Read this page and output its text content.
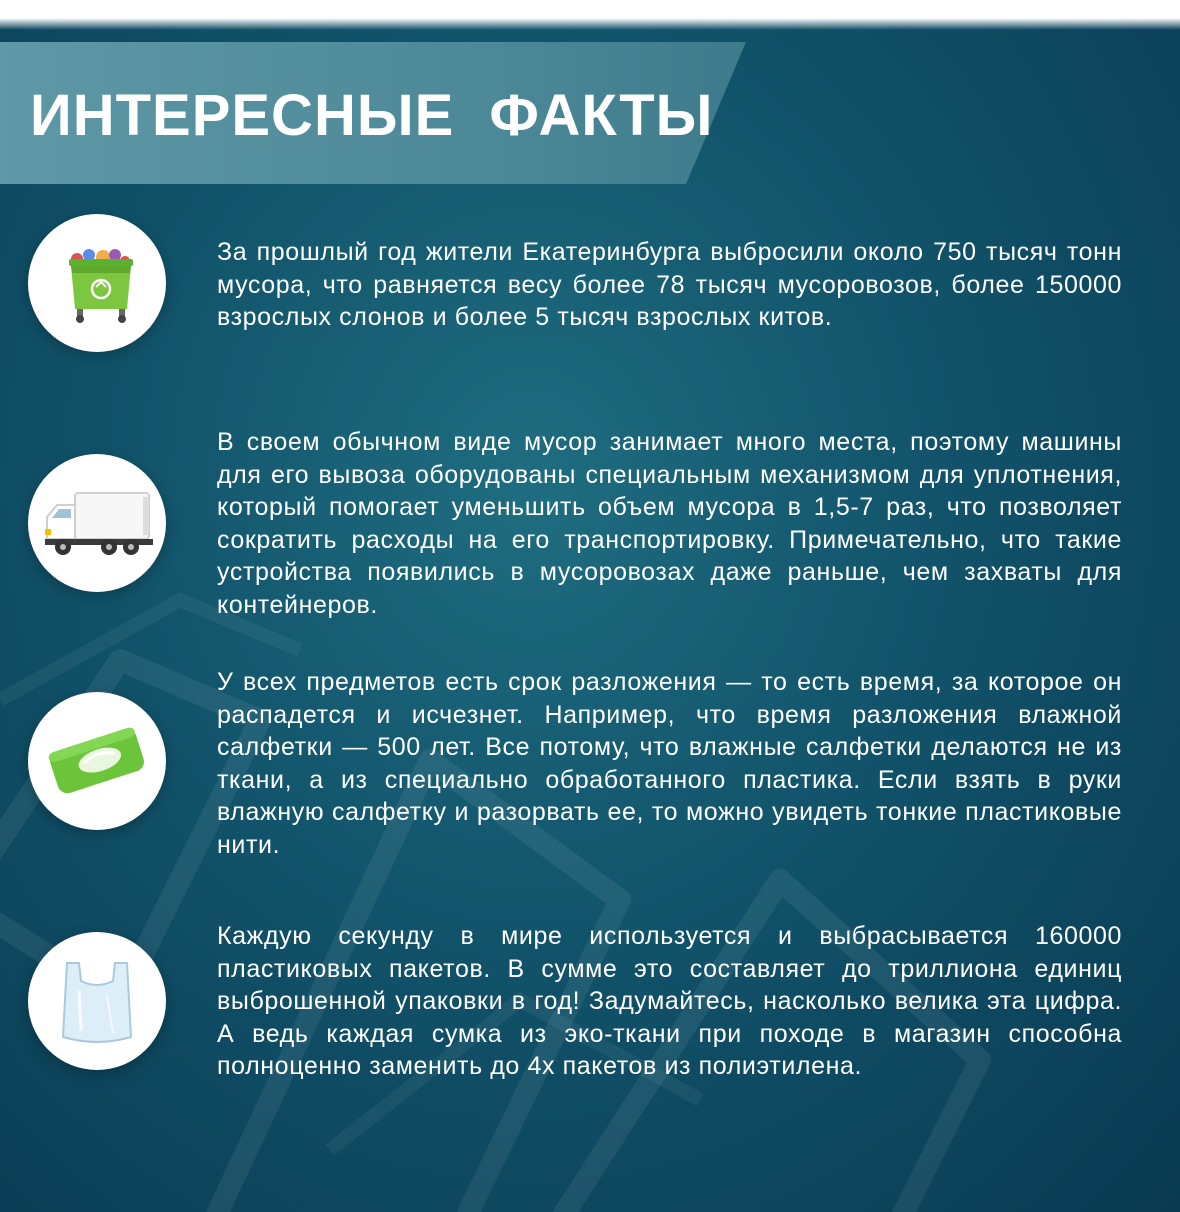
ИНТЕРЕСНЫЕ ФАКТЫ

За прошлый год жители Екатеринбурга выбросили около 750 тысяч тонн мусора, что равняется весу более 78 тысяч мусоровозов, более 150000 взрослых слонов и более 5 тысяч взрослых китов.

В своем обычном виде мусор занимает много места, поэтому машины для его вывоза оборудованы специальным механизмом для уплотнения, который помогает уменьшить объем мусора в 1,5-7 раз, что позволяет сократить расходы на его транспортировку. Примечательно, что такие устройства появились в мусоровозах даже раньше, чем захваты для контейнеров.

У всех предметов есть срок разложения — то есть время, за которое он распадется и исчезнет. Например, что время разложения влажной салфетки — 500 лет. Все потому, что влажные салфетки делаются не из ткани, а из специально обработанного пластика. Если взять в руки влажную салфетку и разорвать ее, то можно увидеть тонкие пластиковые нити.

Каждую секунду в мире используется и выбрасывается 160000 пластиковых пакетов. В сумме это составляет до триллиона единиц выброшенной упаковки в год! Задумайтесь, насколько велика эта цифра. А ведь каждая сумка из эко-ткани при походе в магазин способна полноценно заменить до 4х пакетов из полиэтилена.
